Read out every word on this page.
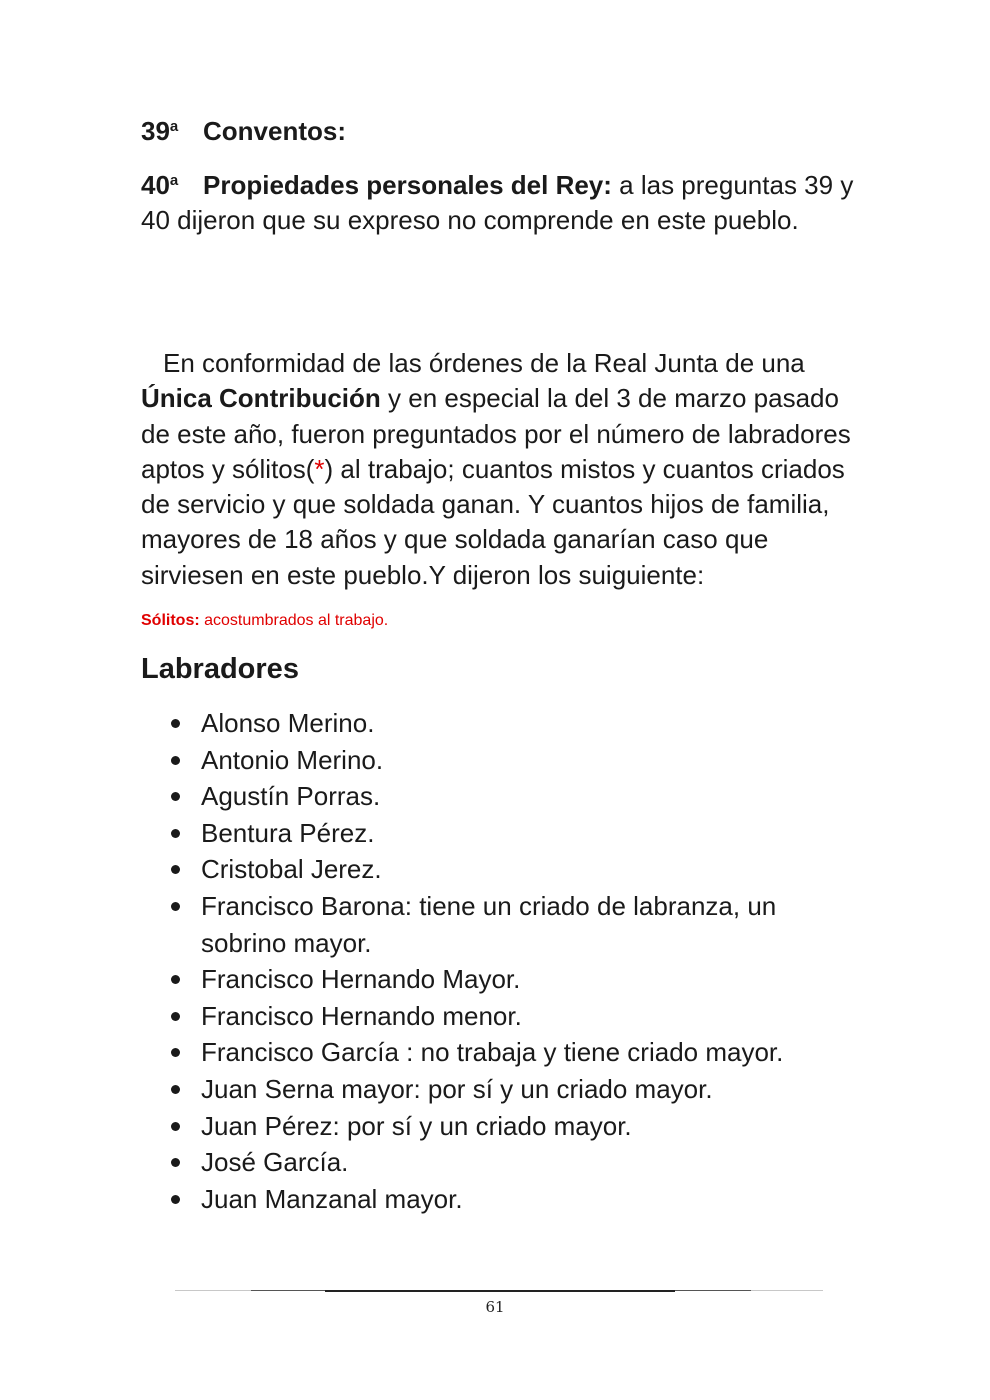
39$^a$ Conventos:

40$^a$ Propiedades personales del Rey: a las preguntas 39 y 40 dijeron que su expreso no comprende en este pueblo.

En conformidad de las órdenes de la Real Junta de una Única Contribución y en especial la del 3 de marzo pasado de este año, fueron preguntados por el número de labradores aptos y sólitos(*) al trabajo; cuantos mistos y cuantos criados de servicio y que soldada ganan. Y cuantos hijos de familia, mayores de 18 años y que soldada ganarían caso que sirviesen en este pueblo.Y dijeron los suiguiente:

Sólitos: acostumbrados al trabajo.

Labradores
Alonso Merino.
Antonio Merino.
Agustín Porras.
Bentura Pérez.
Cristobal Jerez.
Francisco Barona: tiene un criado de labranza, un sobrino mayor.
Francisco Hernando Mayor.
Francisco Hernando menor.
Francisco García : no trabaja y tiene criado mayor.
Juan Serna mayor: por sí y un criado mayor.
Juan Pérez: por sí y un criado mayor.
José García.
Juan Manzanal mayor.
61
